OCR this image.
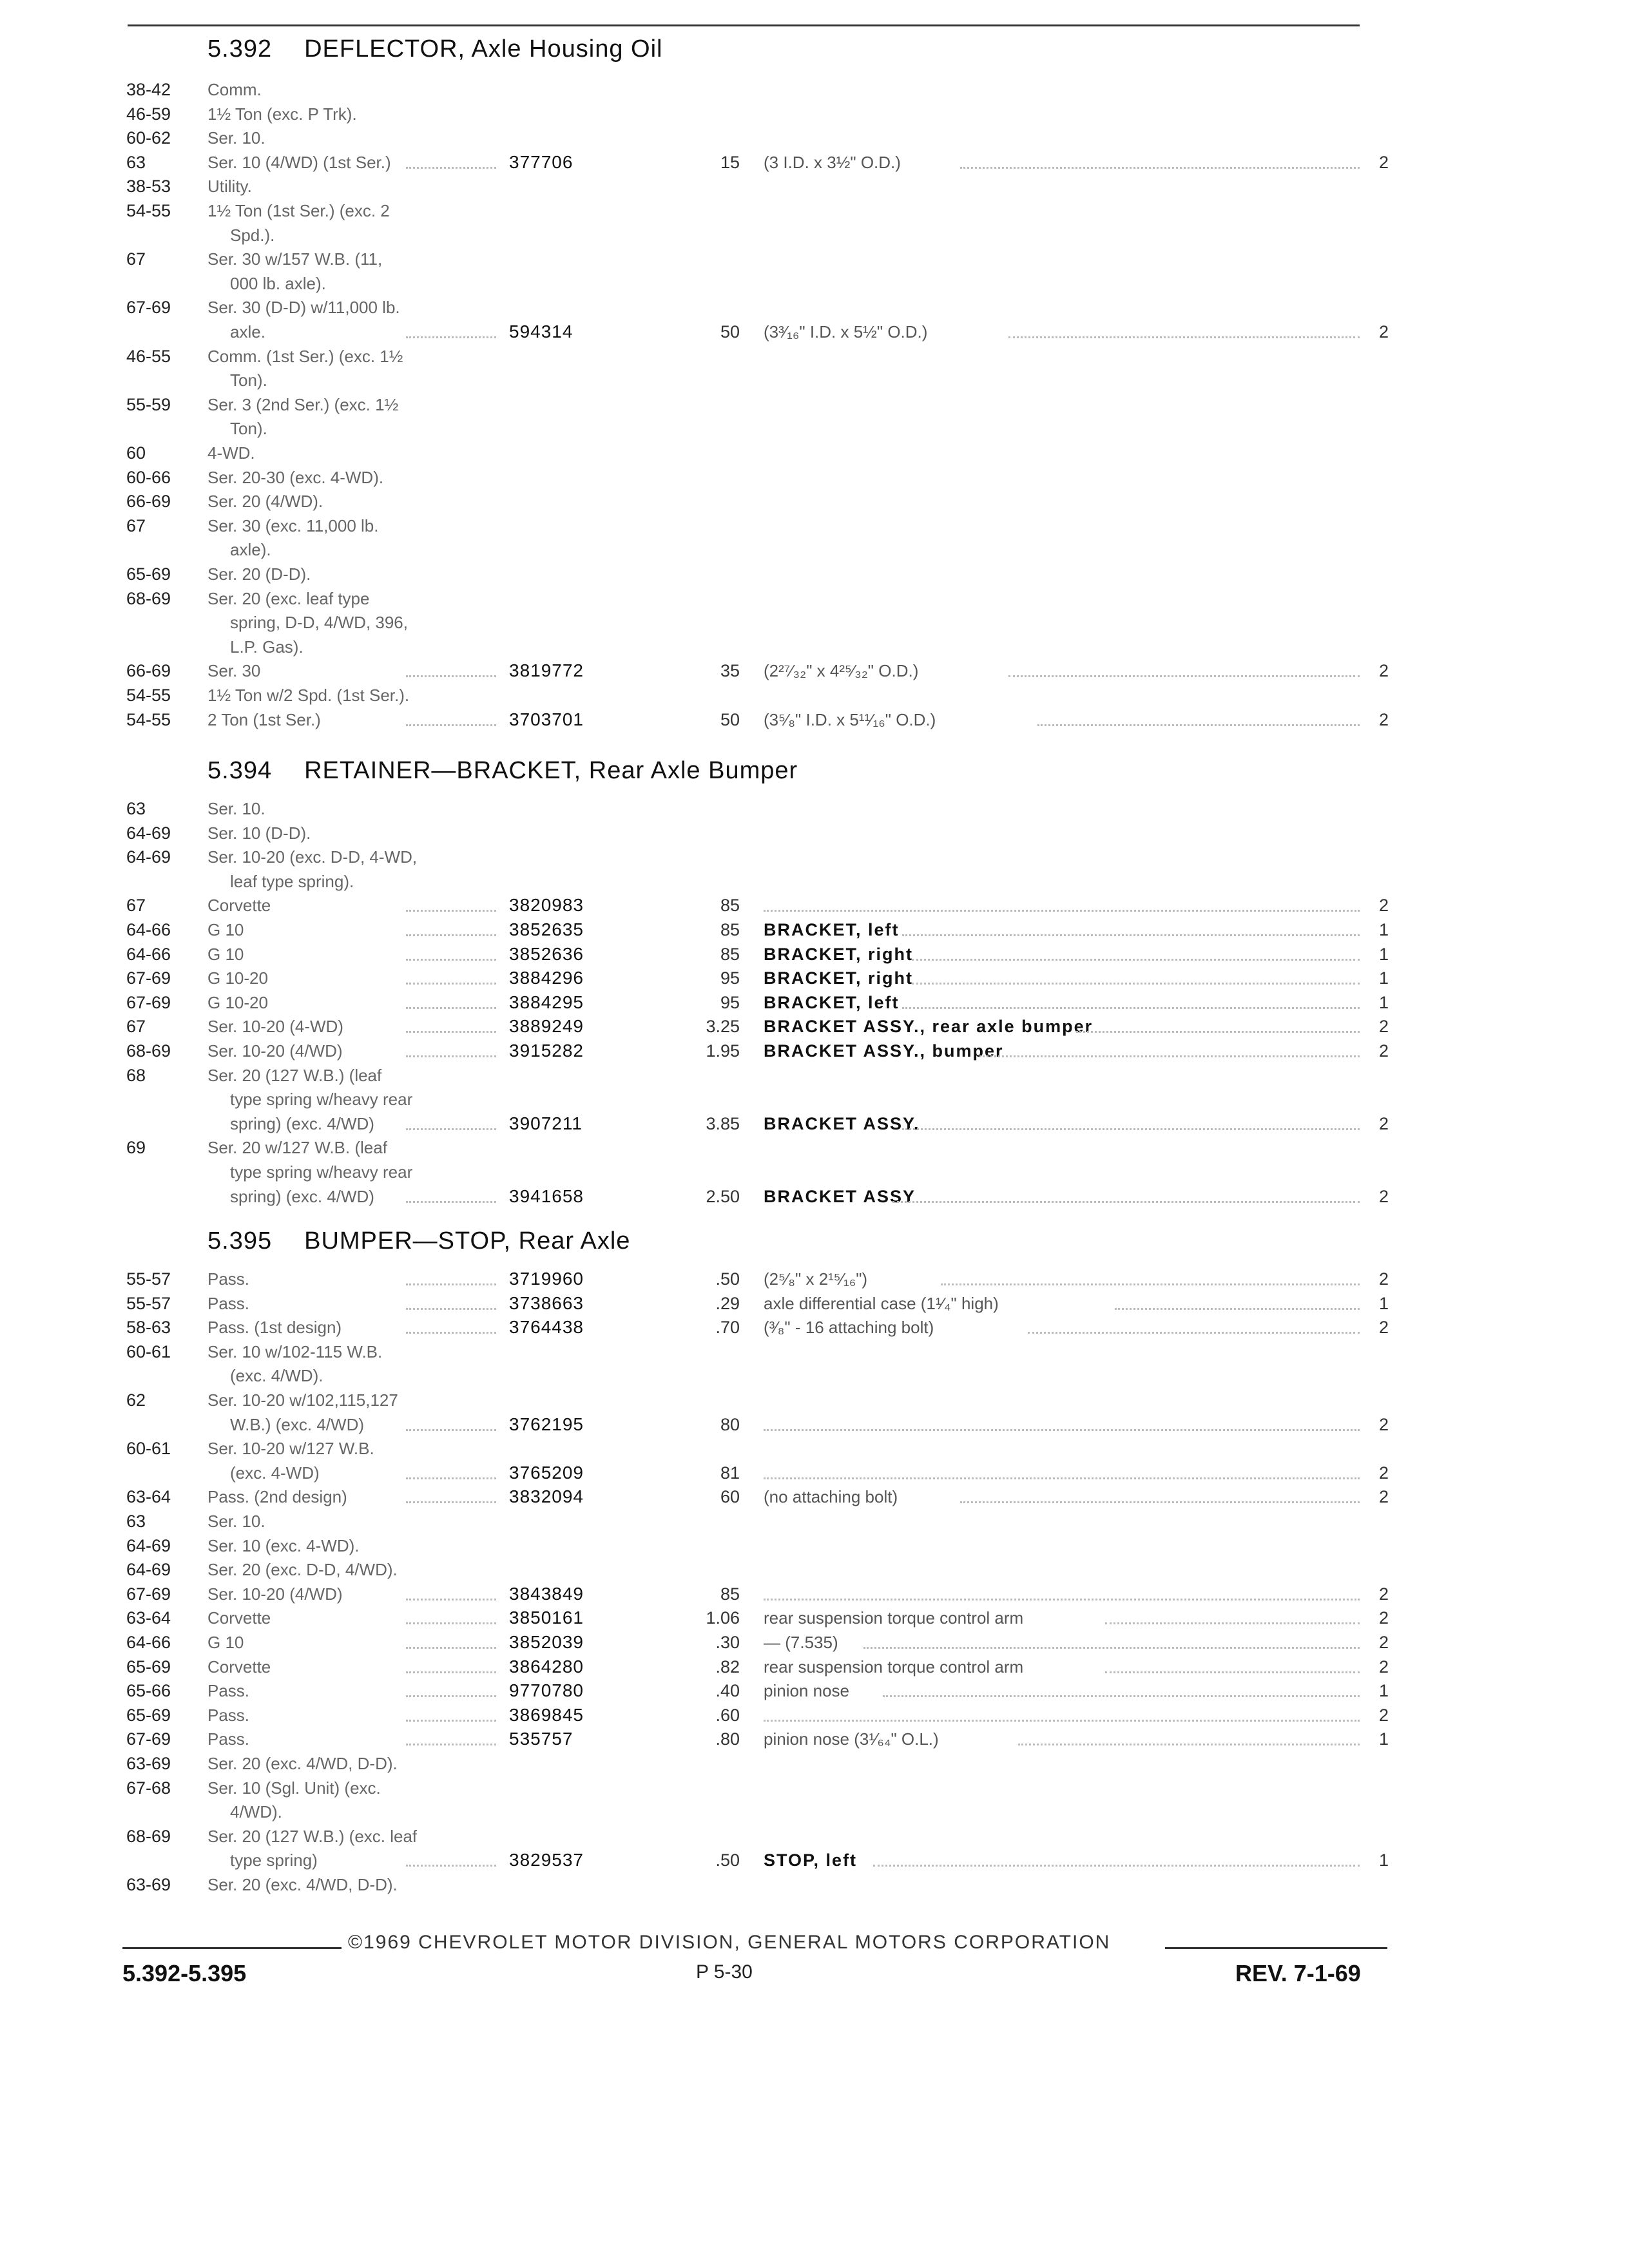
5.392 DEFLECTOR, Axle Housing Oil
5.394 RETAINER—BRACKET, Rear Axle Bumper
5.395 BUMPER—STOP, Rear Axle
38-42 Comm.
46-59 1½ Ton (exc. P Trk).
60-62 Ser. 10.
63	Ser. 10 (4/WD) (1st Ser.)	377706	15 (3 I.D. x 3½" O.D.)	2
38-53 Utility.
54-55 1½ Ton (1st Ser.) (exc. 2
Spd.).
67	Ser. 30 w/157 W.B. (11,
000 lb. axle).
67-69 Ser. 30 (D-D) w/11,000 lb.
axle.	594314	50 (3³⁄₁₆" I.D. x 5½" O.D.)	2
46-55 Comm. (1st Ser.) (exc. 1½
Ton).
55-59 Ser. 3 (2nd Ser.) (exc. 1½
Ton).
60	4-WD.
60-66 Ser. 20-30 (exc. 4-WD).
66-69 Ser. 20 (4/WD).
67	Ser. 30 (exc. 11,000 lb.
axle).
65-69 Ser. 20 (D-D).
68-69 Ser. 20 (exc. leaf type
spring, D-D, 4/WD, 396,
L.P. Gas).
66-69 Ser. 30	3819772	35 (2²⁷⁄₃₂" x 4²⁵⁄₃₂" O.D.)	2
54-55 1½ Ton w/2 Spd. (1st Ser.).
54-55 2 Ton (1st Ser.)	3703701	50 (3⁵⁄₈" I.D. x 5¹¹⁄₁₆" O.D.)	2
63	Ser. 10.
64-69 Ser. 10 (D-D).
64-69 Ser. 10-20 (exc. D-D, 4-WD,
leaf type spring).
67	Corvette	3820983	85	2
64-66 G 10	3852635	85 BRACKET, left	1
64-66 G 10	3852636	85 BRACKET, right	1
67-69 G 10-20	3884296	95 BRACKET, right	1
67-69 G 10-20	3884295	95 BRACKET, left	1
67	Ser. 10-20 (4-WD)	3889249	3.25 BRACKET ASSY., rear axle bumper	2
68-69 Ser. 10-20 (4/WD)	3915282	1.95 BRACKET ASSY., bumper	2
68	Ser. 20 (127 W.B.) (leaf
type spring w/heavy rear
spring) (exc. 4/WD)	3907211	3.85 BRACKET ASSY.	2
69	Ser. 20 w/127 W.B. (leaf
type spring w/heavy rear
spring) (exc. 4/WD)	3941658	2.50 BRACKET ASSY	2
55-57 Pass.	3719960	.50 (2⁵⁄₈" x 2¹⁵⁄₁₆")	2
55-57 Pass.	3738663	.29 axle differential case (1¹⁄₄" high)	1
58-63 Pass. (1st design)	3764438	.70 (³⁄₈" - 16 attaching bolt)	2
60-61 Ser. 10 w/102-115 W.B.
(exc. 4/WD).
62	Ser. 10-20 w/102,115,127
W.B.) (exc. 4/WD)	3762195	80	2
60-61 Ser. 10-20 w/127 W.B.
(exc. 4-WD)	3765209	81	2
63-64 Pass. (2nd design)	3832094	60 (no attaching bolt)	2
63	Ser. 10.
64-69 Ser. 10 (exc. 4-WD).
64-69 Ser. 20 (exc. D-D, 4/WD).
67-69 Ser. 10-20 (4/WD)	3843849	85	2
63-64 Corvette	3850161	1.06 rear suspension torque control arm	2
64-66 G 10	3852039	.30 — (7.535)	2
65-69 Corvette	3864280	.82 rear suspension torque control arm	2
65-66 Pass.	9770780	.40 pinion nose	1
65-69 Pass.	3869845	.60	2
67-69 Pass.	535757	.80 pinion nose (3¹⁄₆₄" O.L.)	1
63-69 Ser. 20 (exc. 4/WD, D-D).
67-68 Ser. 10 (Sgl. Unit) (exc.
4/WD).
68-69 Ser. 20 (127 W.B.) (exc. leaf
type spring)	3829537	.50 STOP, left	1
63-69 Ser. 20 (exc. 4/WD, D-D).
©1969 CHEVROLET MOTOR DIVISION, GENERAL MOTORS CORPORATION
5.392-5.395	P 5-30	REV. 7-1-69
